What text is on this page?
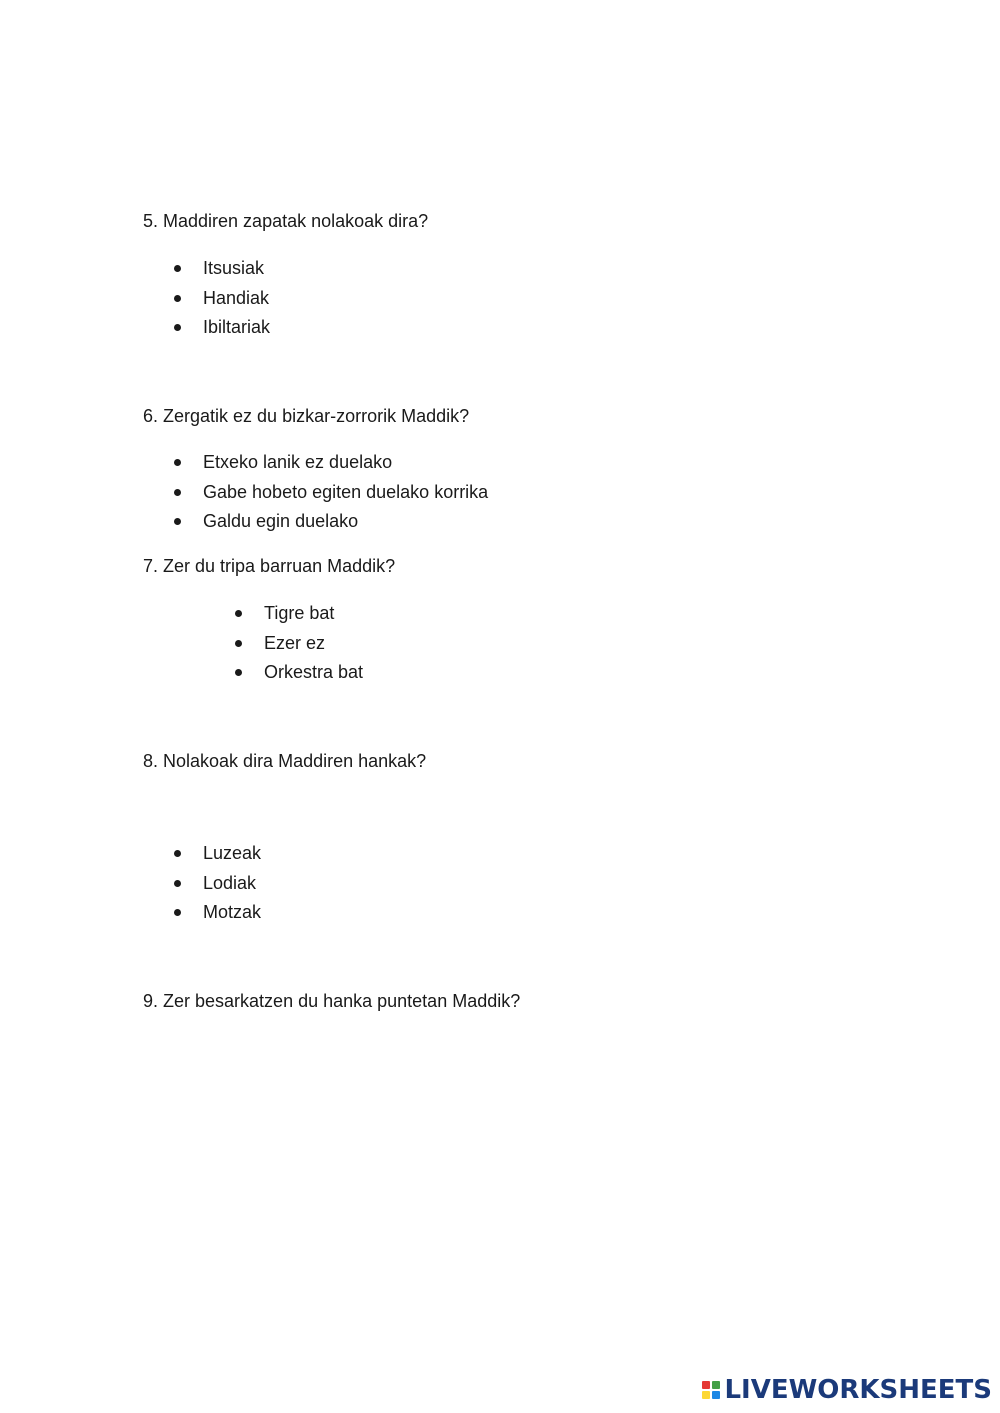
5. Maddiren zapatak nolakoak dira?
Itsusiak
Handiak
Ibiltariak
6. Zergatik ez du bizkar-zorrorik Maddik?
Etxeko lanik ez duelako
Gabe hobeto egiten duelako korrika
Galdu egin duelako
7. Zer du tripa barruan Maddik?
Tigre bat
Ezer ez
Orkestra bat
8. Nolakoak dira Maddiren hankak?
Luzeak
Lodiak
Motzak
9. Zer besarkatzen du hanka puntetan Maddik?
LIVEWORKSHEETS
